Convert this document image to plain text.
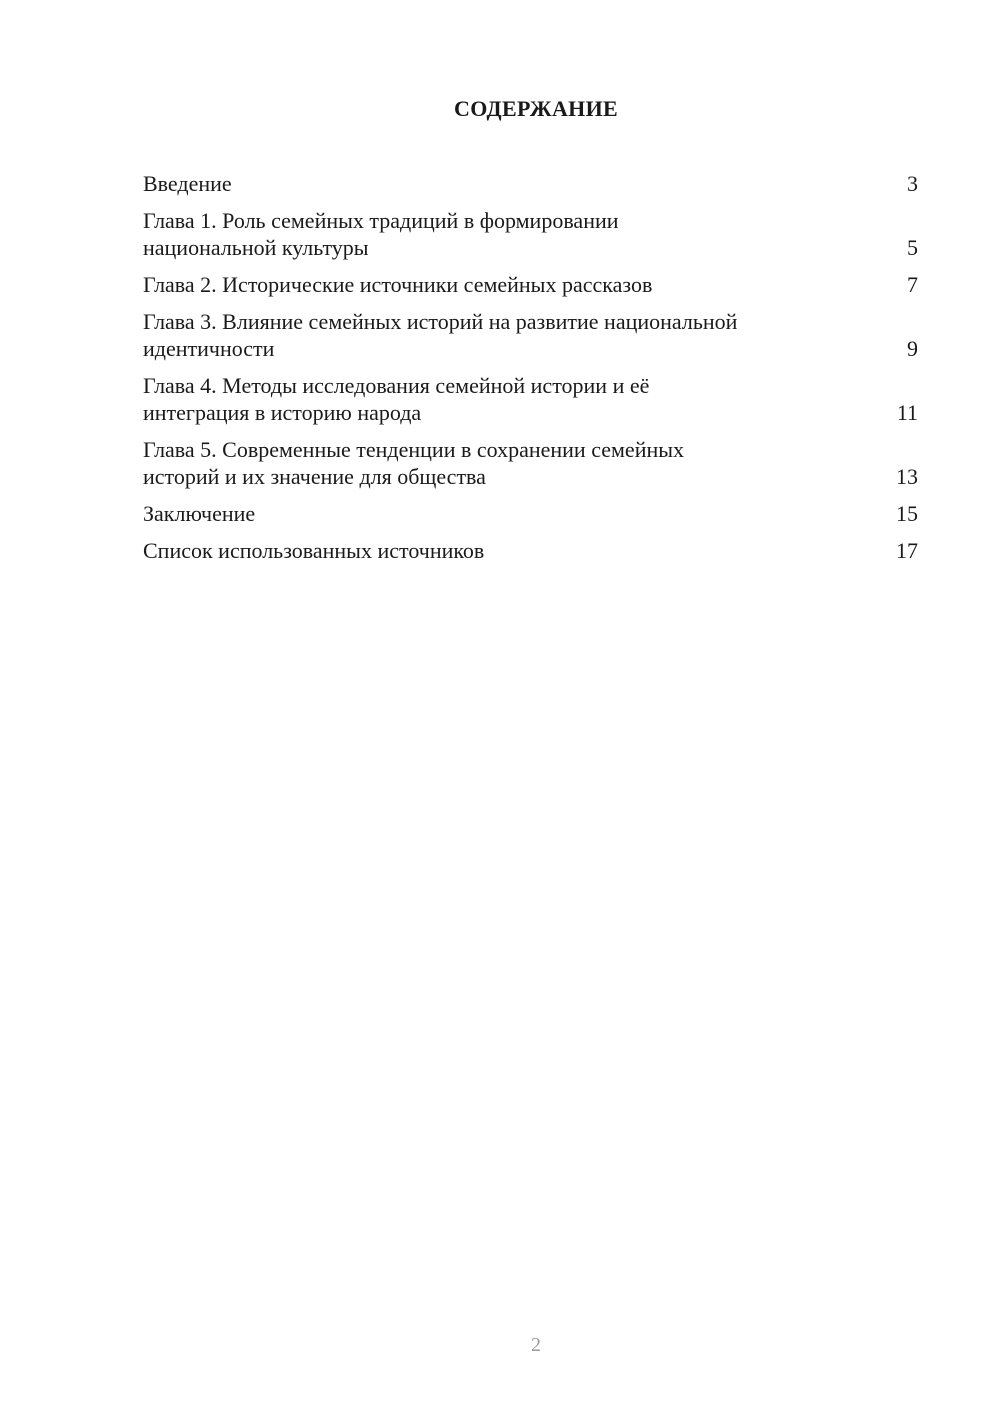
СОДЕРЖАНИЕ
Введение	3
Глава 1. Роль семейных традиций в формировании
национальной культуры	5
Глава 2. Исторические источники семейных рассказов	7
Глава 3. Влияние семейных историй на развитие национальной
идентичности	9
Глава 4. Методы исследования семейной истории и её
интеграция в историю народа	11
Глава 5. Современные тенденции в сохранении семейных
историй и их значение для общества	13
Заключение	15
Список использованных источников	17
2
